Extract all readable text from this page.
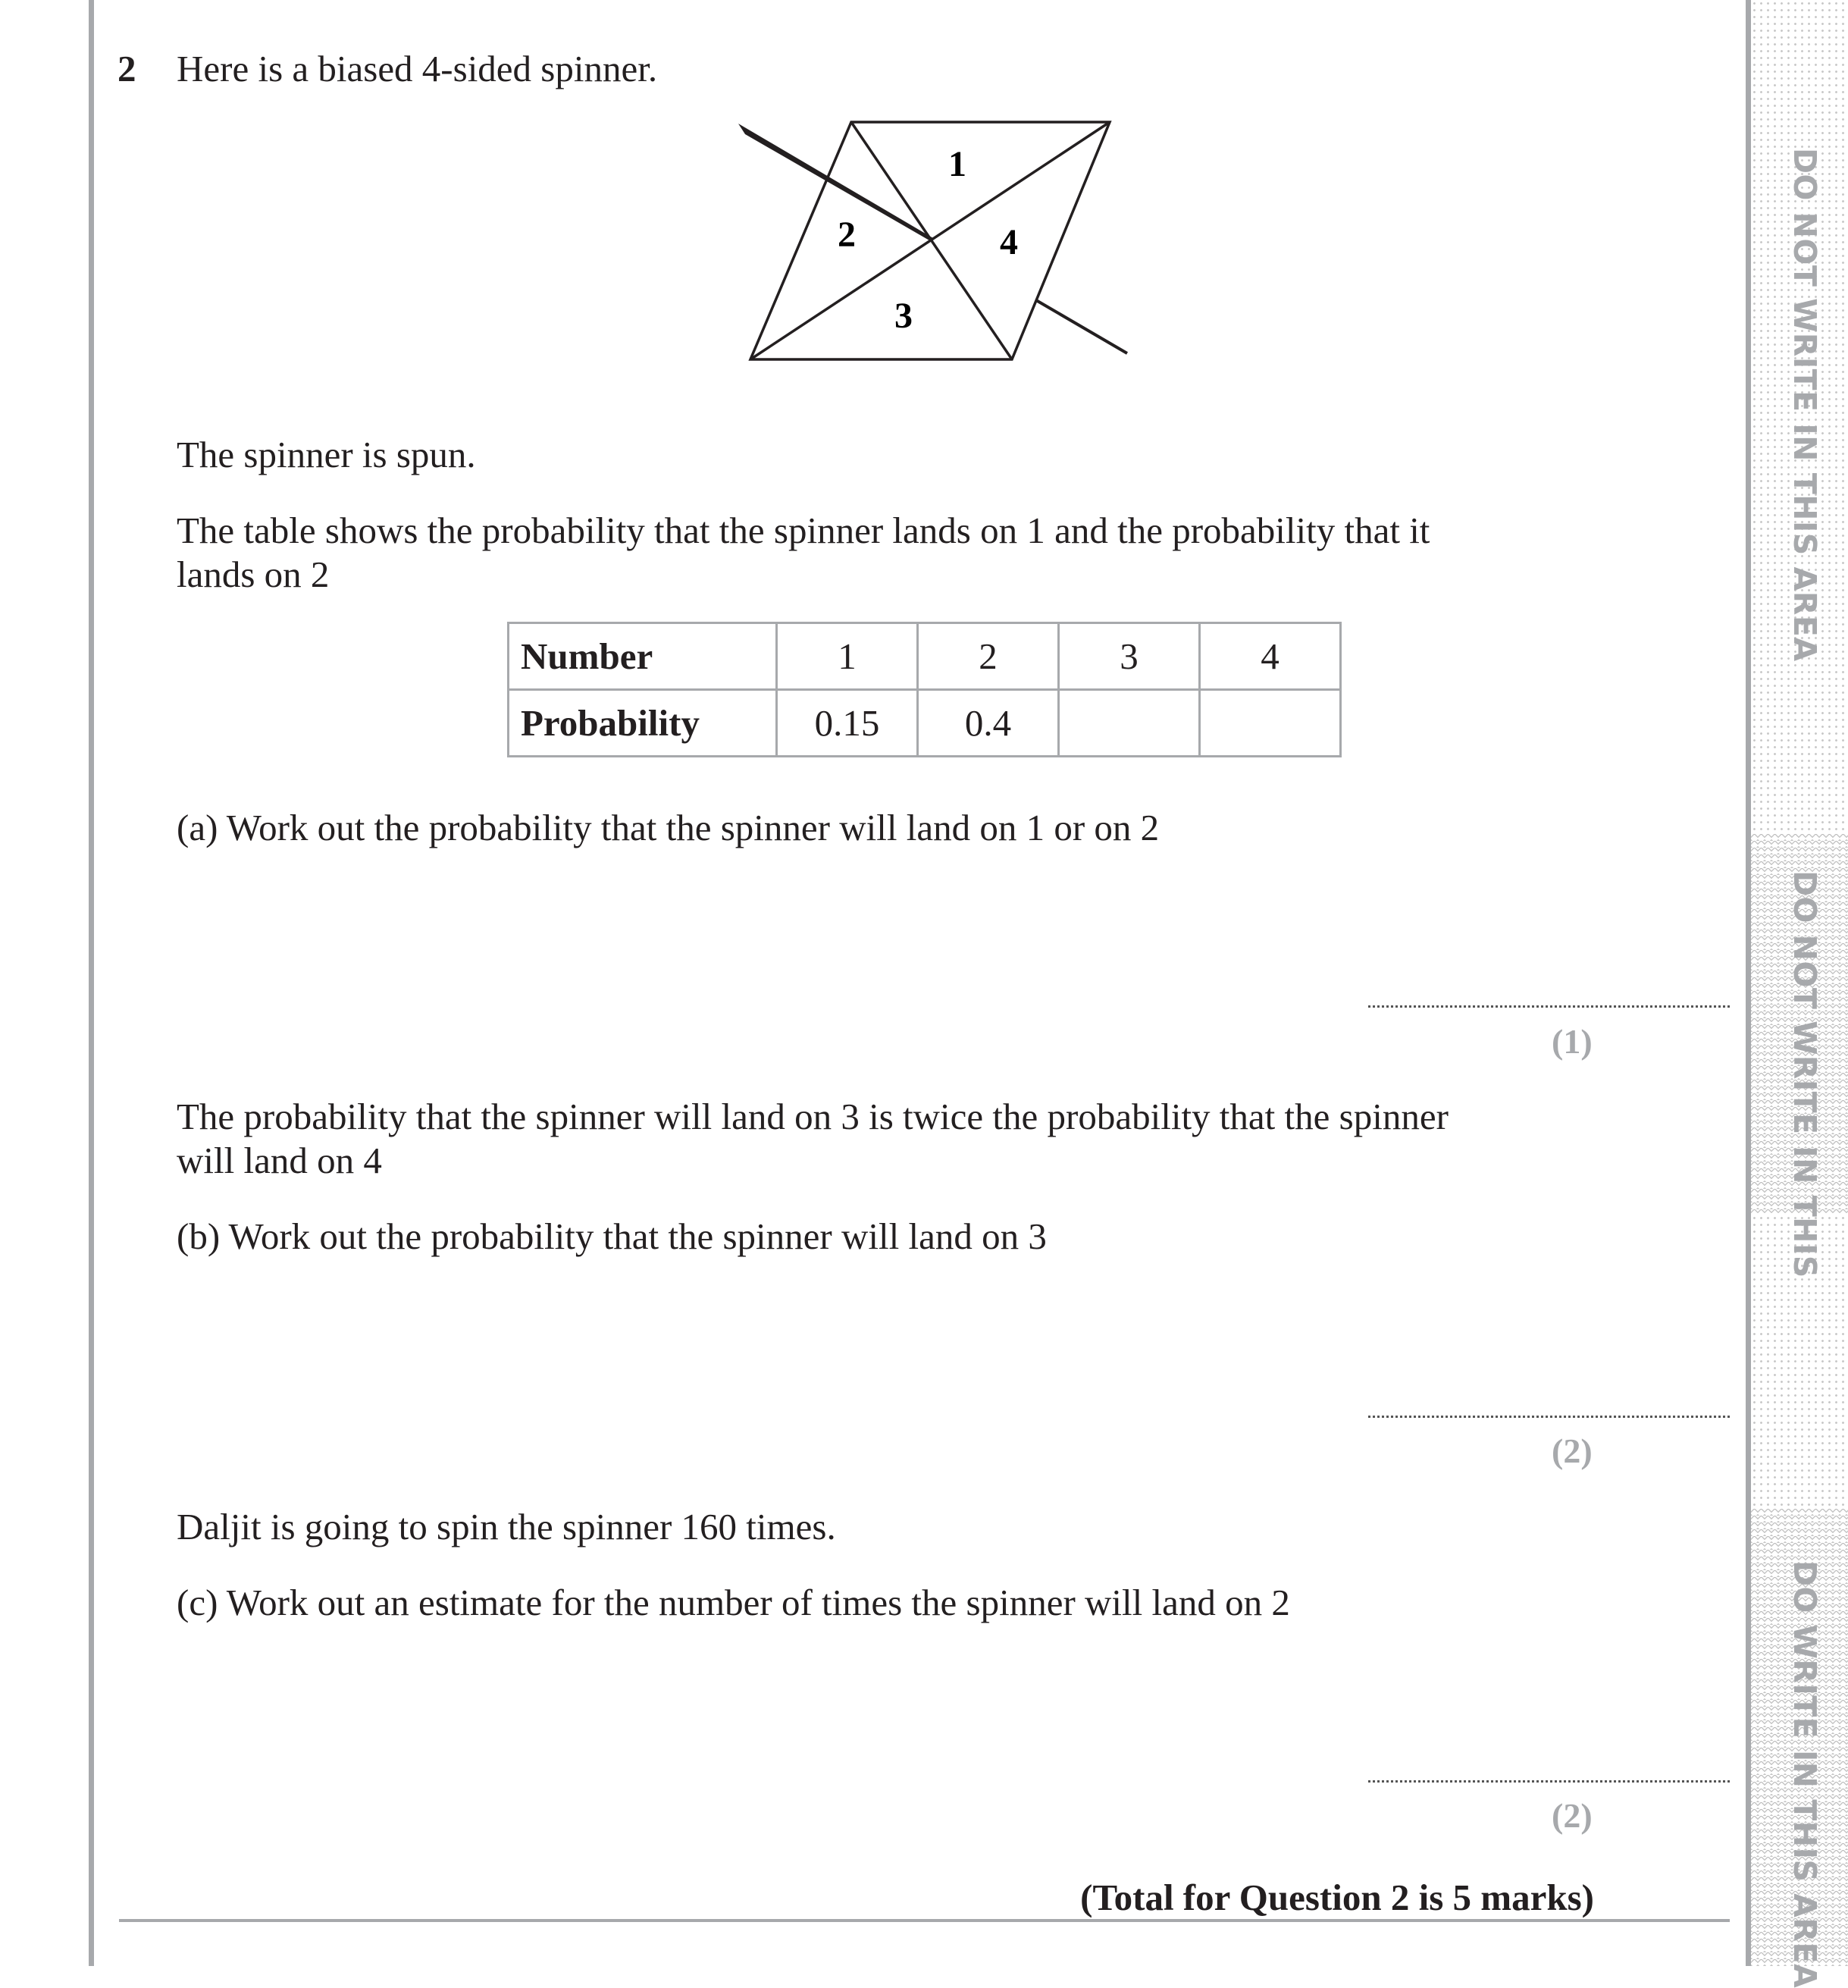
DO NOT WRITE IN THIS AREA
DO NOT WRITE IN THIS
DO WRITE IN THIS AREA
2 Here is a biased 4-sided spinner.
1
2
3
4
The spinner is spun.
The table shows the probability that the spinner lands on 1 and the probability that it
lands on 2
Number	1	2	3	4
Probability	0.15	0.4		
(a) Work out the probability that the spinner will land on 1 or on 2
(1)
The probability that the spinner will land on 3 is twice the probability that the spinner
will land on 4
(b) Work out the probability that the spinner will land on 3
(2)
Daljit is going to spin the spinner 160 times.
(c) Work out an estimate for the number of times the spinner will land on 2
(2)
(Total for Question 2 is 5 marks)
